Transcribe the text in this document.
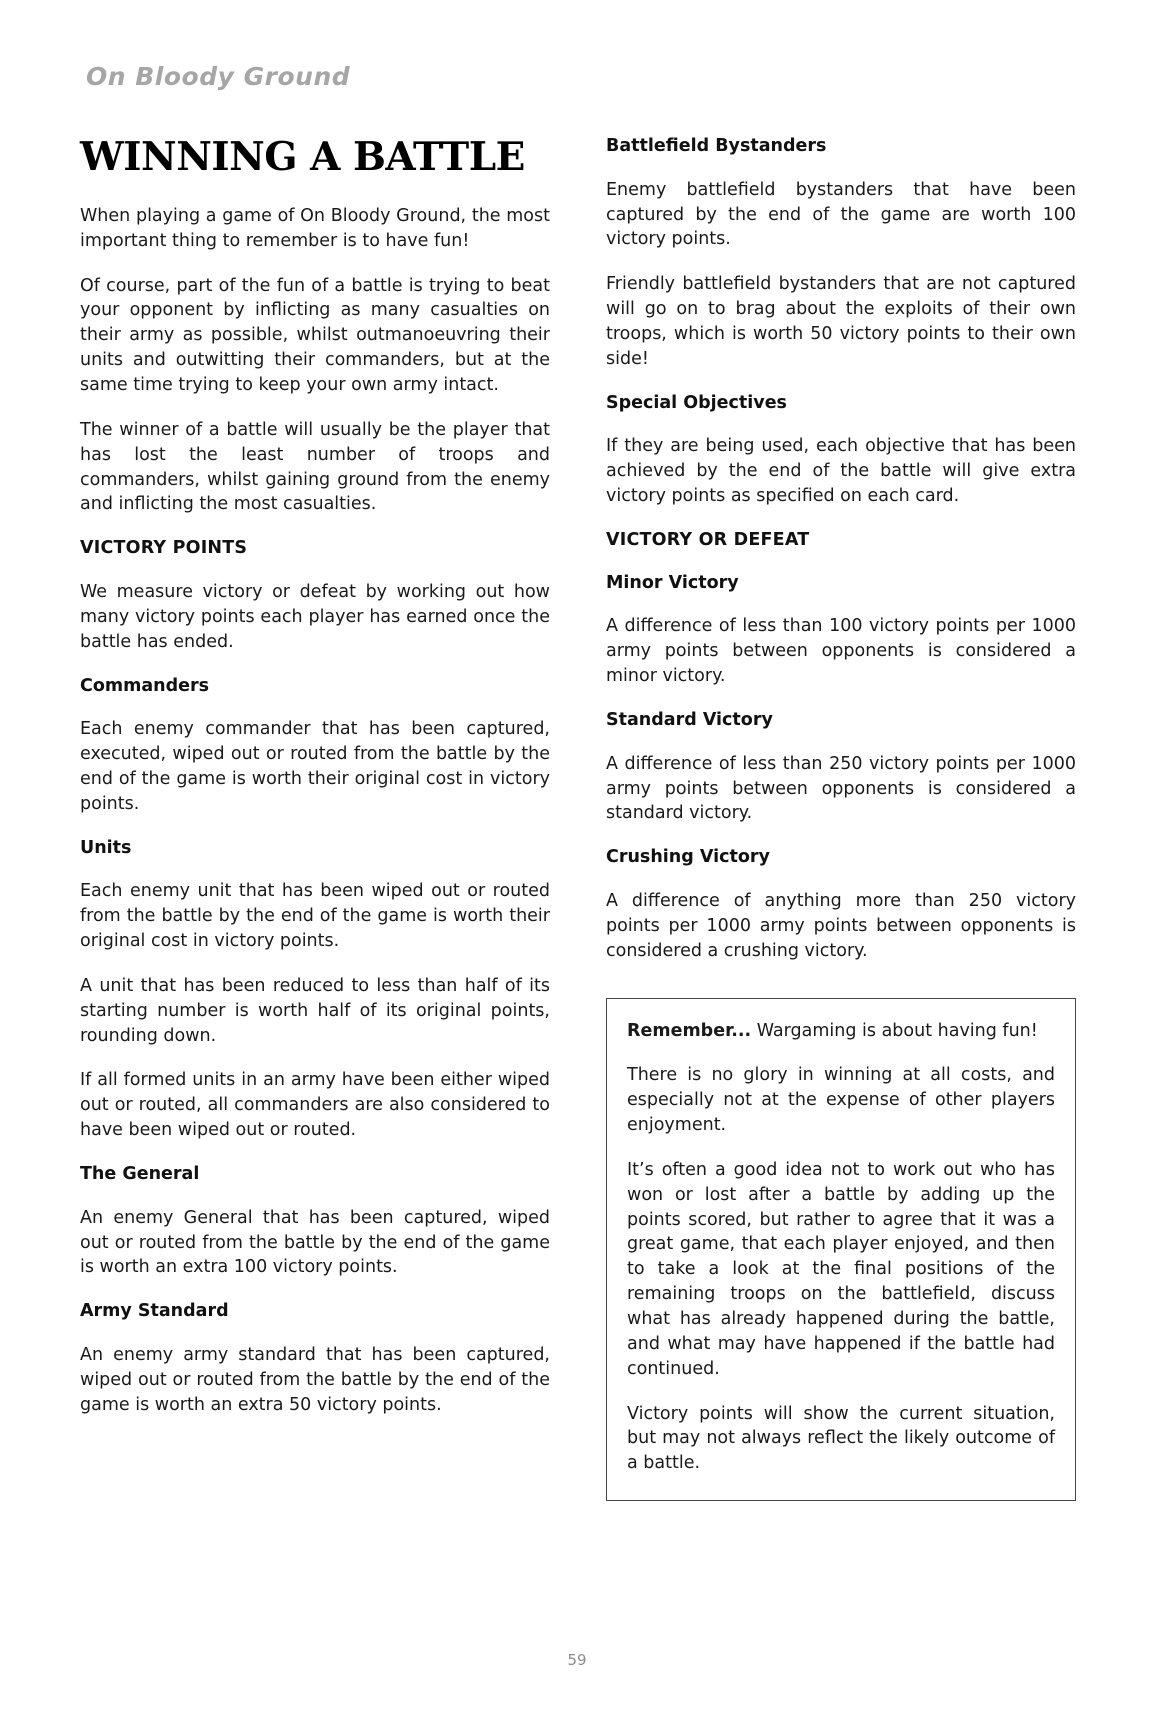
On Bloody Ground
WINNING A BATTLE

When playing a game of On Bloody Ground, the most important thing to remember is to have fun!

Of course, part of the fun of a battle is trying to beat your opponent by inflicting as many casualties on their army as possible, whilst outmanoeuvring their units and outwitting their commanders, but at the same time trying to keep your own army intact.

The winner of a battle will usually be the player that has lost the least number of troops and commanders, whilst gaining ground from the enemy and inflicting the most casualties.

VICTORY POINTS

We measure victory or defeat by working out how many victory points each player has earned once the battle has ended.

Commanders

Each enemy commander that has been captured, executed, wiped out or routed from the battle by the end of the game is worth their original cost in victory points.

Units

Each enemy unit that has been wiped out or routed from the battle by the end of the game is worth their original cost in victory points.

A unit that has been reduced to less than half of its starting number is worth half of its original points, rounding down.

If all formed units in an army have been either wiped out or routed, all commanders are also considered to have been wiped out or routed.

The General

An enemy General that has been captured, wiped out or routed from the battle by the end of the game is worth an extra 100 victory points.

Army Standard

An enemy army standard that has been captured, wiped out or routed from the battle by the end of the game is worth an extra 50 victory points.

Battlefield Bystanders

Enemy battlefield bystanders that have been captured by the end of the game are worth 100 victory points.

Friendly battlefield bystanders that are not captured will go on to brag about the exploits of their own troops, which is worth 50 victory points to their own side!

Special Objectives

If they are being used, each objective that has been achieved by the end of the battle will give extra victory points as specified on each card.

VICTORY OR DEFEAT
Minor Victory

A difference of less than 100 victory points per 1000 army points between opponents is considered a minor victory.

Standard Victory

A difference of less than 250 victory points per 1000 army points between opponents is considered a standard victory.

Crushing Victory

A difference of anything more than 250 victory points per 1000 army points between opponents is considered a crushing victory.

Remember... Wargaming is about having fun!

There is no glory in winning at all costs, and especially not at the expense of other players enjoyment.

It’s often a good idea not to work out who has won or lost after a battle by adding up the points scored, but rather to agree that it was a great game, that each player enjoyed, and then to take a look at the final positions of the remaining troops on the battlefield, discuss what has already happened during the battle, and what may have happened if the battle had continued.

Victory points will show the current situation, but may not always reflect the likely outcome of a battle.

59
